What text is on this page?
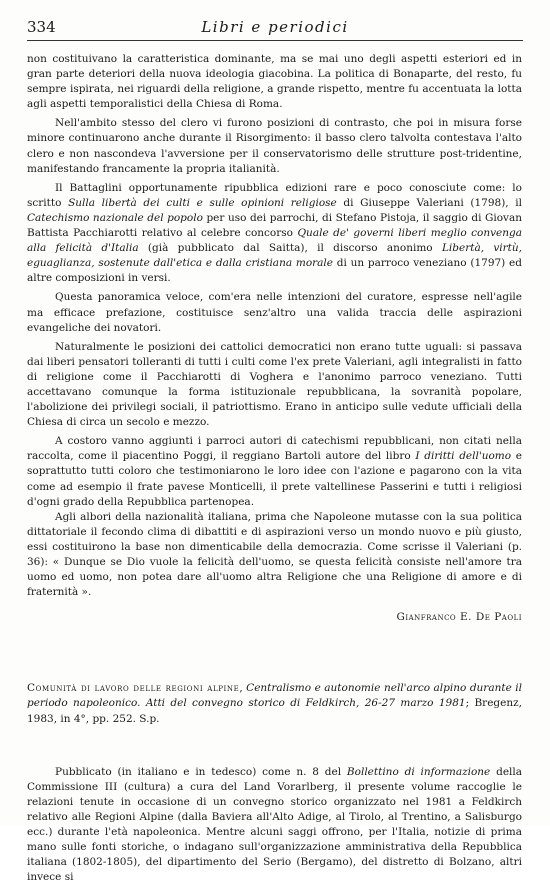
334	Libri e periodici

non costituivano la caratteristica dominante, ma se mai uno degli aspetti esteriori ed in gran parte deteriori della nuova ideologia giacobina. La politica di Bonaparte, del resto, fu sempre ispirata, nei riguardi della religione, a grande rispetto, mentre fu accentuata la lotta agli aspetti temporalistici della Chiesa di Roma.

Nell'ambito stesso del clero vi furono posizioni di contrasto, che poi in misura forse minore continuarono anche durante il Risorgimento: il basso clero talvolta contestava l'alto clero e non nascondeva l'avversione per il conservatorismo delle strutture post-tridentine, manifestando francamente la propria italianità.

Il Battaglini opportunamente ripubblica edizioni rare e poco conosciute come: lo scritto Sulla libertà dei culti e sulle opinioni religiose di Giuseppe Valeriani (1798), il Catechismo nazionale del popolo per uso dei parrochi, di Stefano Pistoja, il saggio di Giovan Battista Pacchiarotti relativo al celebre concorso Quale de' governi liberi meglio convenga alla felicità d'Italia (già pubblicato dal Saitta), il discorso anonimo Libertà, virtù, eguaglianza, sostenute dall'etica e dalla cristiana morale di un parroco veneziano (1797) ed altre composizioni in versi.

Questa panoramica veloce, com'era nelle intenzioni del curatore, espresse nell'agile ma efficace prefazione, costituisce senz'altro una valida traccia delle aspirazioni evangeliche dei novatori.

Naturalmente le posizioni dei cattolici democratici non erano tutte uguali: si passava dai liberi pensatori tolleranti di tutti i culti come l'ex prete Valeriani, agli integralisti in fatto di religione come il Pacchiarotti di Voghera e l'anonimo parroco veneziano. Tutti accettavano comunque la forma istituzionale repubblicana, la sovranità popolare, l'abolizione dei privilegi sociali, il patriottismo. Erano in anticipo sulle vedute ufficiali della Chiesa di circa un secolo e mezzo.

A costoro vanno aggiunti i parroci autori di catechismi repubblicani, non citati nella raccolta, come il piacentino Poggi, il reggiano Bartoli autore del libro I diritti dell'uomo e soprattutto tutti coloro che testimoniarono le loro idee con l'azione e pagarono con la vita come ad esempio il frate pavese Monticelli, il prete valtellinese Passerini e tutti i religiosi d'ogni grado della Repubblica partenopea.

Agli albori della nazionalità italiana, prima che Napoleone mutasse con la sua politica dittatoriale il fecondo clima di dibattiti e di aspirazioni verso un mondo nuovo e più giusto, essi costituirono la base non dimenticabile della democrazia. Come scrisse il Valeriani (p. 36): « Dunque se Dio vuole la felicità dell'uomo, se questa felicità consiste nell'amore tra uomo ed uomo, non potea dare all'uomo altra Religione che una Religione di amore e di fraternità ».

Gianfranco E. De Paoli

Comunità di lavoro delle regioni alpine, Centralismo e autonomie nell'arco alpino durante il periodo napoleonico. Atti del convegno storico di Feldkirch, 26-27 marzo 1981; Bregenz, 1983, in 4°, pp. 252. S.p.

Pubblicato (in italiano e in tedesco) come n. 8 del Bollettino di informazione della Commissione III (cultura) a cura del Land Vorarlberg, il presente volume raccoglie le relazioni tenute in occasione di un convegno storico organizzato nel 1981 a Feldkirch relativo alle Regioni Alpine (dalla Baviera all'Alto Adige, al Tirolo, al Trentino, a Salisburgo ecc.) durante l'età napoleonica. Mentre alcuni saggi offrono, per l'Italia, notizie di prima mano sulle fonti storiche, o indagano sull'organizzazione amministrativa della Repubblica italiana (1802-1805), del dipartimento del Serio (Bergamo), del distretto di Bolzano, altri invece si
